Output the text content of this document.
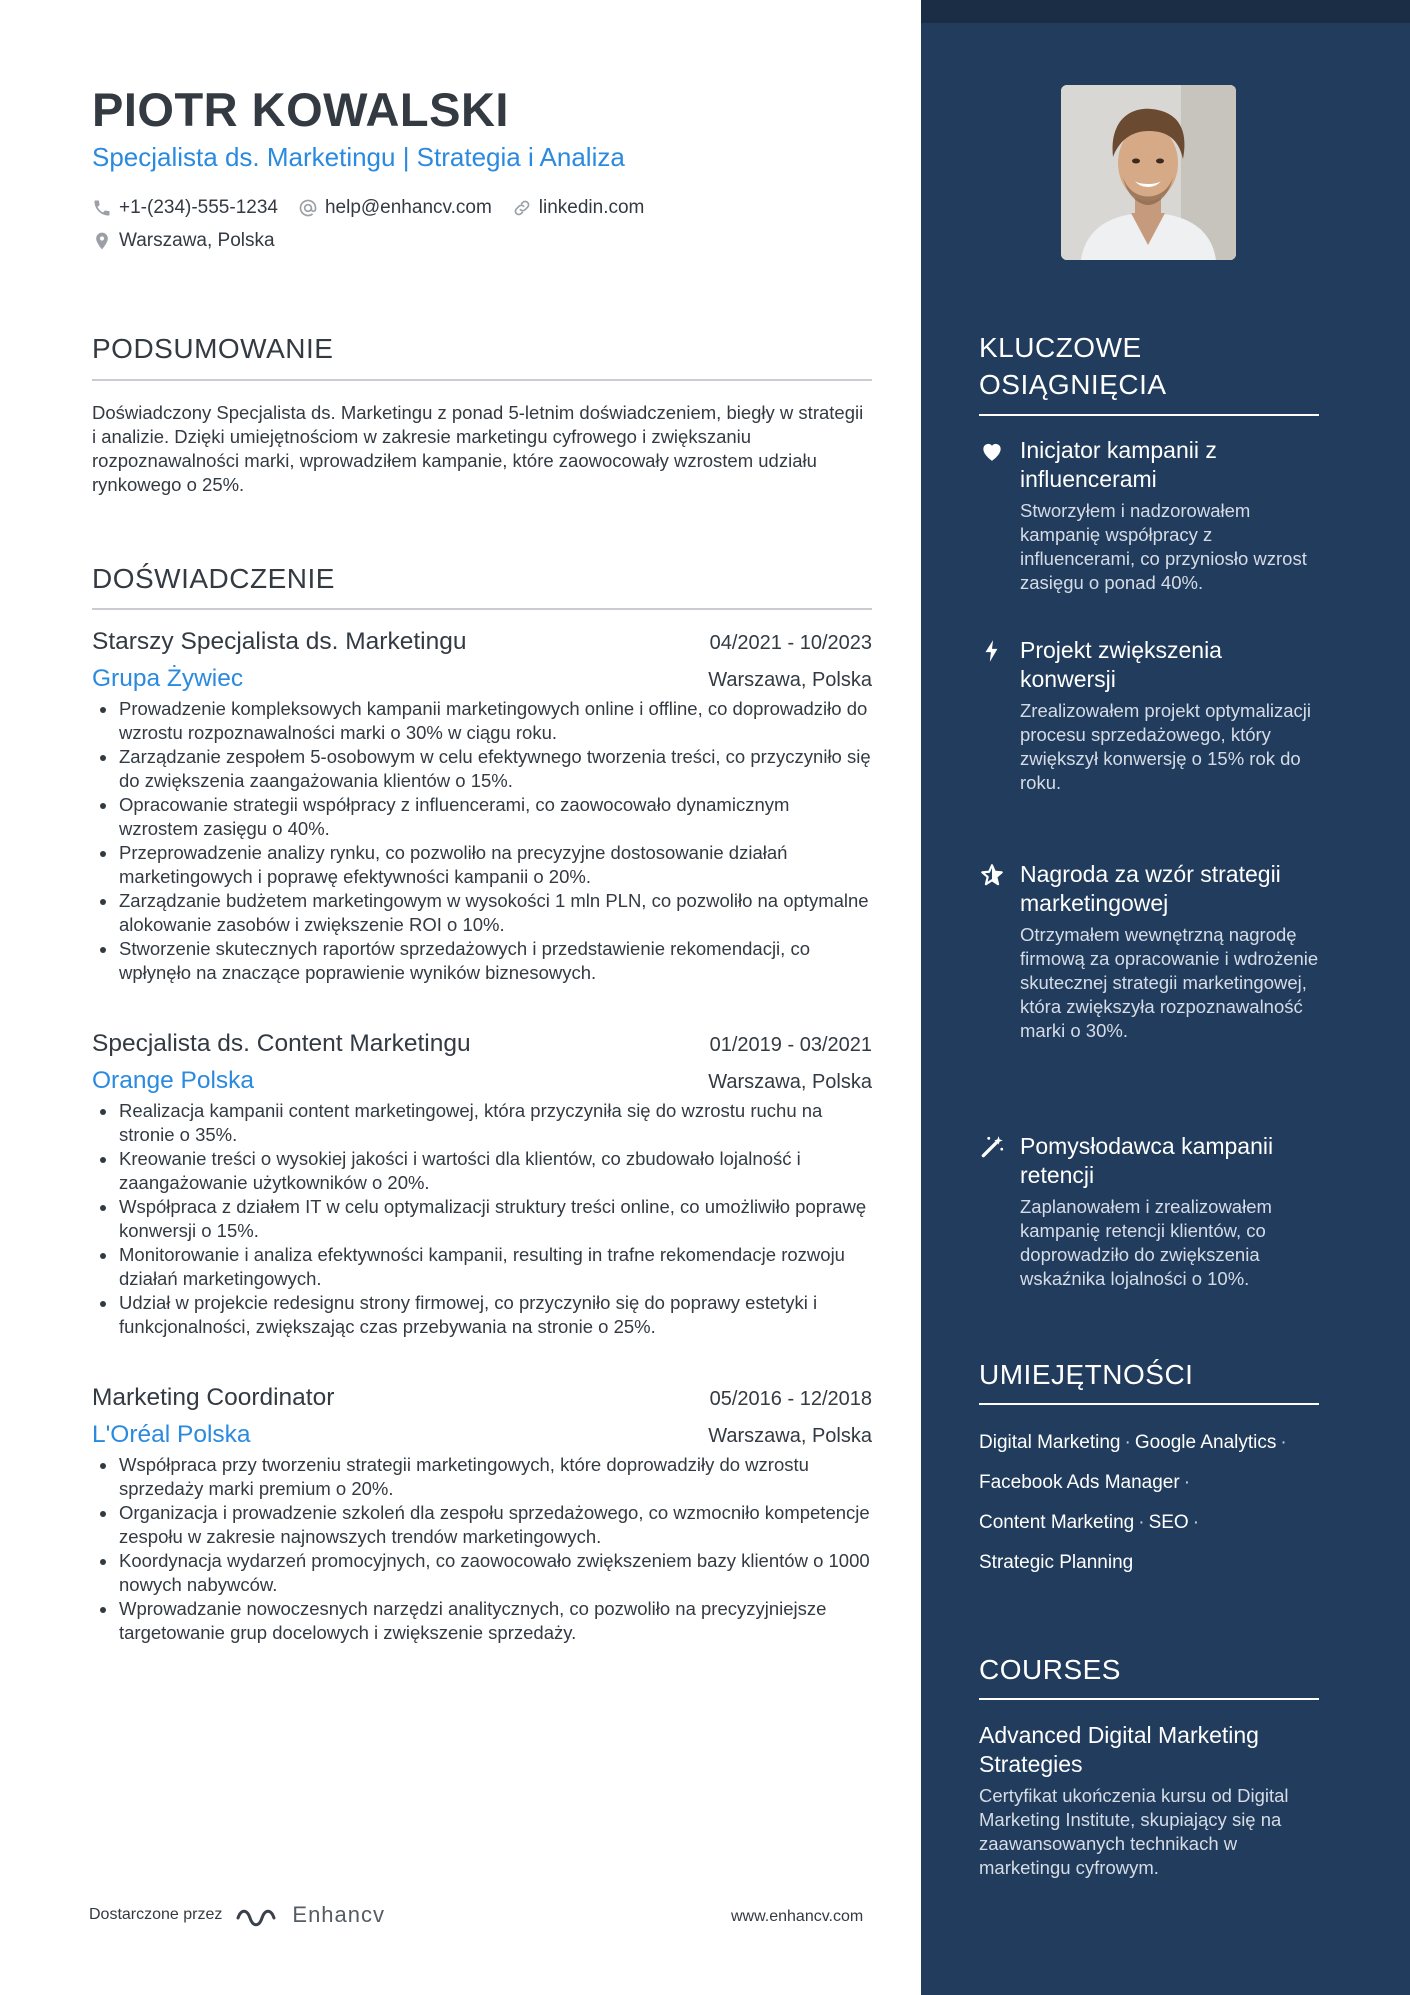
PIOTR KOWALSKI
Specjalista ds. Marketingu | Strategia i Analiza
+1-(234)-555-1234 help@enhancv.com linkedin.com
Warszawa, Polska
PODSUMOWANIE
Doświadczony Specjalista ds. Marketingu z ponad 5-letnim doświadczeniem, biegły w strategii i analizie. Dzięki umiejętnościom w zakresie marketingu cyfrowego i zwiększaniu rozpoznawalności marki, wprowadziłem kampanie, które zaowocowały wzrostem udziału rynkowego o 25%.
DOŚWIADCZENIE
Starszy Specjalista ds. Marketingu	04/2021 - 10/2023
Grupa Żywiec	Warszawa, Polska
Prowadzenie kompleksowych kampanii marketingowych online i offline, co doprowadziło do wzrostu rozpoznawalności marki o 30% w ciągu roku.
Zarządzanie zespołem 5-osobowym w celu efektywnego tworzenia treści, co przyczyniło się do zwiększenia zaangażowania klientów o 15%.
Opracowanie strategii współpracy z influencerami, co zaowocowało dynamicznym wzrostem zasięgu o 40%.
Przeprowadzenie analizy rynku, co pozwoliło na precyzyjne dostosowanie działań marketingowych i poprawę efektywności kampanii o 20%.
Zarządzanie budżetem marketingowym w wysokości 1 mln PLN, co pozwoliło na optymalne alokowanie zasobów i zwiększenie ROI o 10%.
Stworzenie skutecznych raportów sprzedażowych i przedstawienie rekomendacji, co wpłynęło na znaczące poprawienie wyników biznesowych.
Specjalista ds. Content Marketingu	01/2019 - 03/2021
Orange Polska	Warszawa, Polska
Realizacja kampanii content marketingowej, która przyczyniła się do wzrostu ruchu na stronie o 35%.
Kreowanie treści o wysokiej jakości i wartości dla klientów, co zbudowało lojalność i zaangażowanie użytkowników o 20%.
Współpraca z działem IT w celu optymalizacji struktury treści online, co umożliwiło poprawę konwersji o 15%.
Monitorowanie i analiza efektywności kampanii, resulting in trafne rekomendacje rozwoju działań marketingowych.
Udział w projekcie redesignu strony firmowej, co przyczyniło się do poprawy estetyki i funkcjonalności, zwiększając czas przebywania na stronie o 25%.
Marketing Coordinator	05/2016 - 12/2018
L'Oréal Polska	Warszawa, Polska
Współpraca przy tworzeniu strategii marketingowych, które doprowadziły do wzrostu sprzedaży marki premium o 20%.
Organizacja i prowadzenie szkoleń dla zespołu sprzedażowego, co wzmocniło kompetencje zespołu w zakresie najnowszych trendów marketingowych.
Koordynacja wydarzeń promocyjnych, co zaowocowało zwiększeniem bazy klientów o 1000 nowych nabywców.
Wprowadzanie nowoczesnych narzędzi analitycznych, co pozwoliło na precyzyjniejsze targetowanie grup docelowych i zwiększenie sprzedaży.
Dostarczone przez	Enhancv	www.enhancv.com
KLUCZOWE OSIĄGNIĘCIA
Inicjator kampanii z influencerami
Stworzyłem i nadzorowałem kampanię współpracy z influencerami, co przyniosło wzrost zasięgu o ponad 40%.
Projekt zwiększenia konwersji
Zrealizowałem projekt optymalizacji procesu sprzedażowego, który zwiększył konwersję o 15% rok do roku.
Nagroda za wzór strategii marketingowej
Otrzymałem wewnętrzną nagrodę firmową za opracowanie i wdrożenie skutecznej strategii marketingowej, która zwiększyła rozpoznawalność marki o 30%.
Pomysłodawca kampanii retencji
Zaplanowałem i zrealizowałem kampanię retencji klientów, co doprowadziło do zwiększenia wskaźnika lojalności o 10%.
UMIEJĘTNOŚCI
Digital Marketing · Google Analytics ·
Facebook Ads Manager ·
Content Marketing · SEO ·
Strategic Planning
COURSES
Advanced Digital Marketing Strategies
Certyfikat ukończenia kursu od Digital Marketing Institute, skupiający się na zaawansowanych technikach w marketingu cyfrowym.
